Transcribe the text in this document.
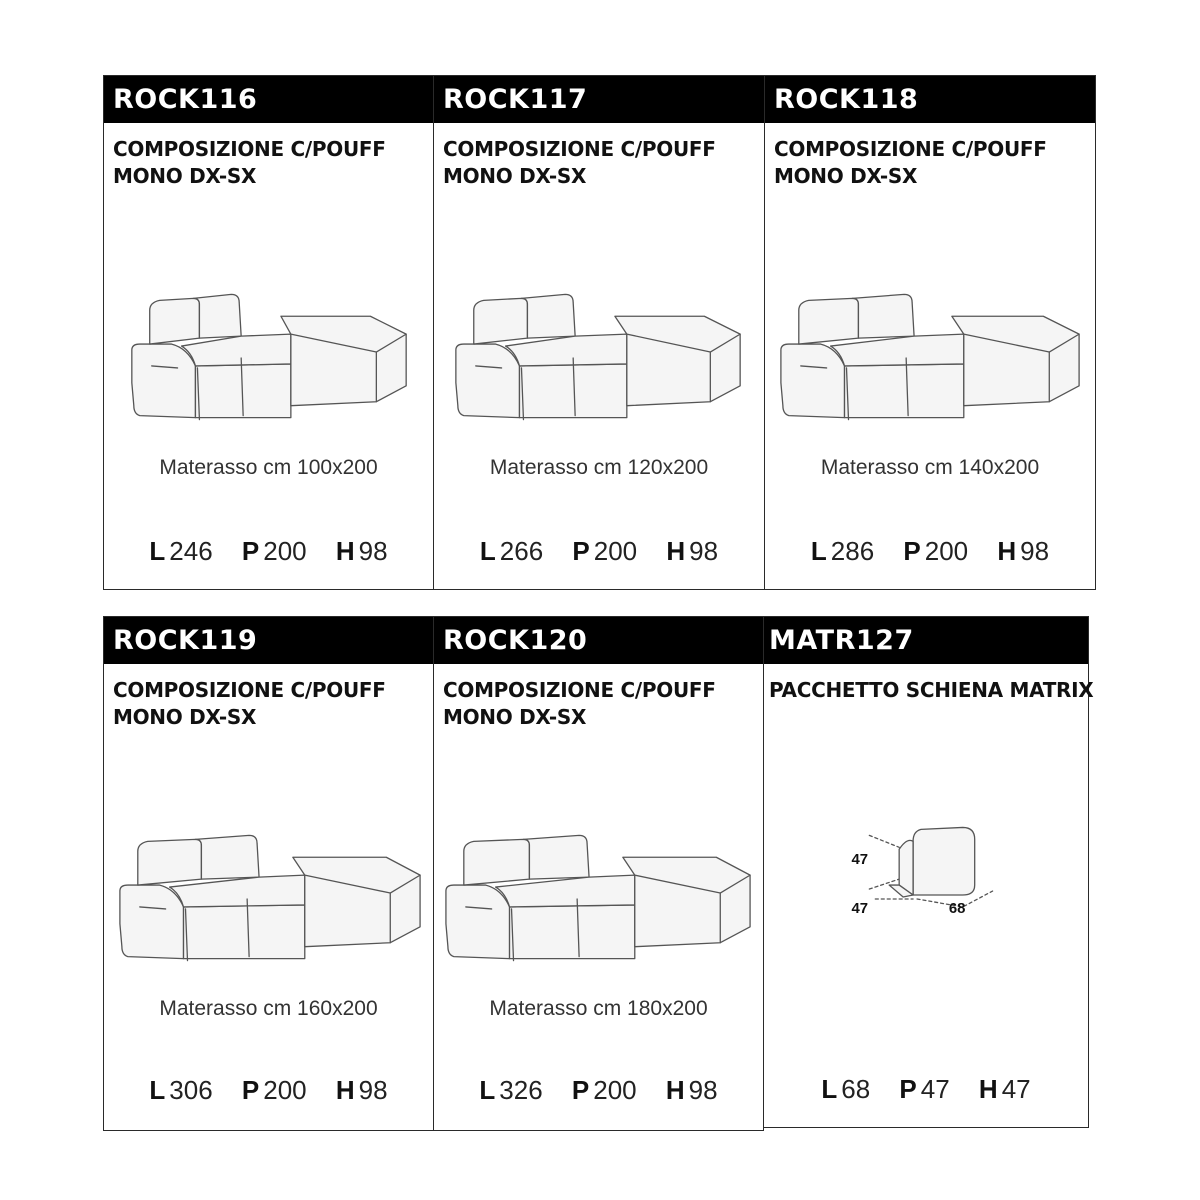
ROCK116
COMPOSIZIONE C/POUFF
MONO DX-SX
Materasso cm 100x200
L 246 P 200 H 98
ROCK117
COMPOSIZIONE C/POUFF
MONO DX-SX
Materasso cm 120x200
L 266 P 200 H 98
ROCK118
COMPOSIZIONE C/POUFF
MONO DX-SX
Materasso cm 140x200
L 286 P 200 H 98
ROCK119
COMPOSIZIONE C/POUFF
MONO DX-SX
Materasso cm 160x200
L 306 P 200 H 98
ROCK120
COMPOSIZIONE C/POUFF
MONO DX-SX
Materasso cm 180x200
L 326 P 200 H 98
MATR127
PACCHETTO SCHIENA MATRIX
47
47	68
L 68 P 47 H 47
